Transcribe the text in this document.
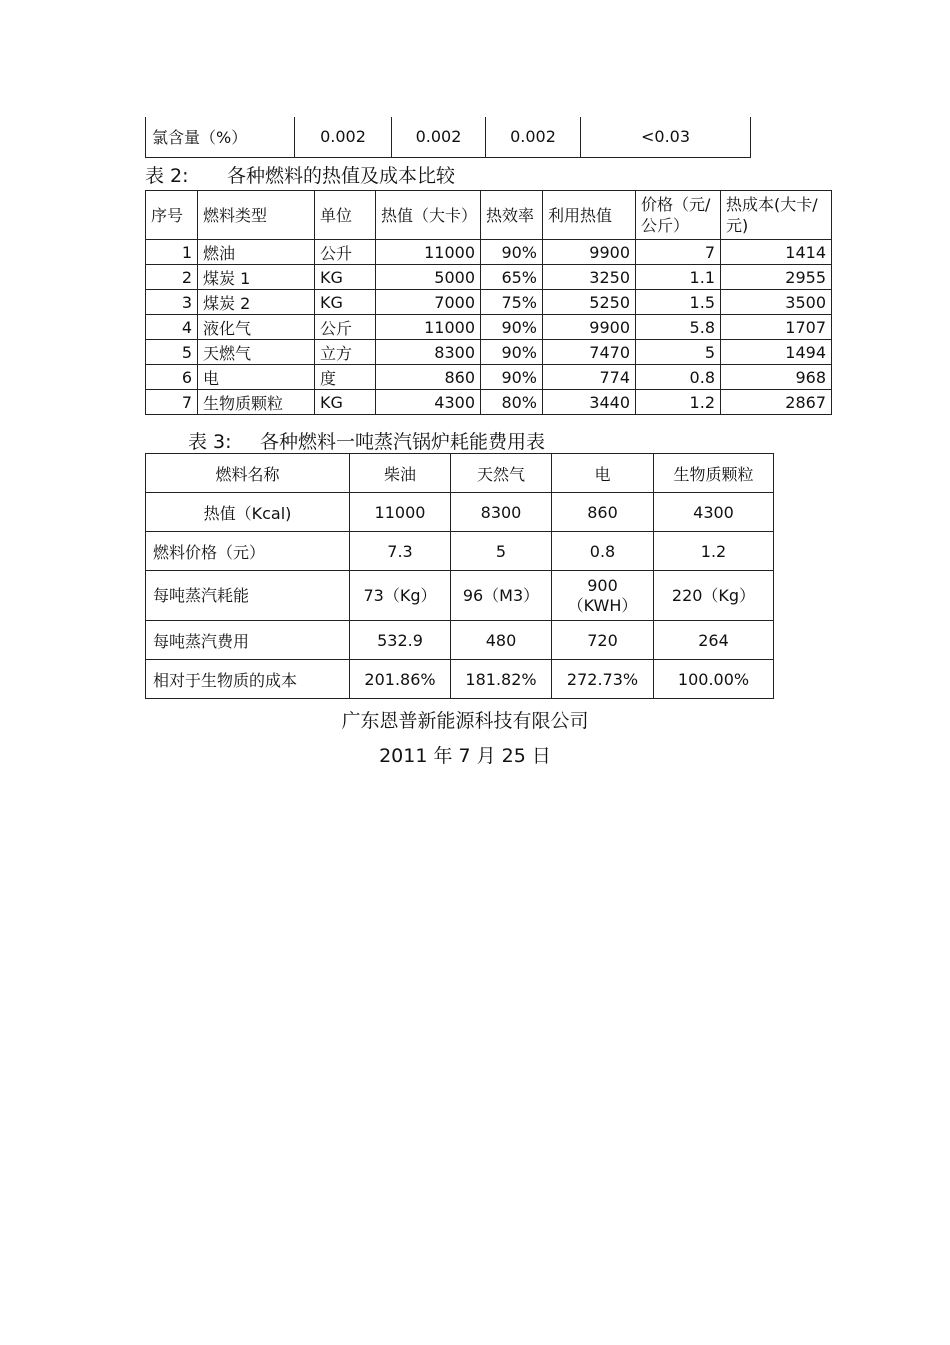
氯含量（%）	0.002	0.002	0.002	<0.03
表 2: 各种燃料的热值及成本比较
序号	燃料类型	单位	热值（大卡）	热效率	利用热值	价格（元/公斤）	热成本(大卡/元)
1	燃油	公升	11000	90%	9900	7	1414
2	煤炭 1	KG	5000	65%	3250	1.1	2955
3	煤炭 2	KG	7000	75%	5250	1.5	3500
4	液化气	公斤	11000	90%	9900	5.8	1707
5	天燃气	立方	8300	90%	7470	5	1494
6	电	度	860	90%	774	0.8	968
7	生物质颗粒	KG	4300	80%	3440	1.2	2867
表 3: 各种燃料一吨蒸汽锅炉耗能费用表
燃料名称	柴油	天然气	电	生物质颗粒
热值（Kcal)	11000	8300	860	4300
燃料价格（元）	7.3	5	0.8	1.2
每吨蒸汽耗能	73（Kg）	96（M3）	900（KWH）	220（Kg）
每吨蒸汽费用	532.9	480	720	264
相对于生物质的成本	201.86%	181.82%	272.73%	100.00%
广东恩普新能源科技有限公司
2011 年 7 月 25 日
